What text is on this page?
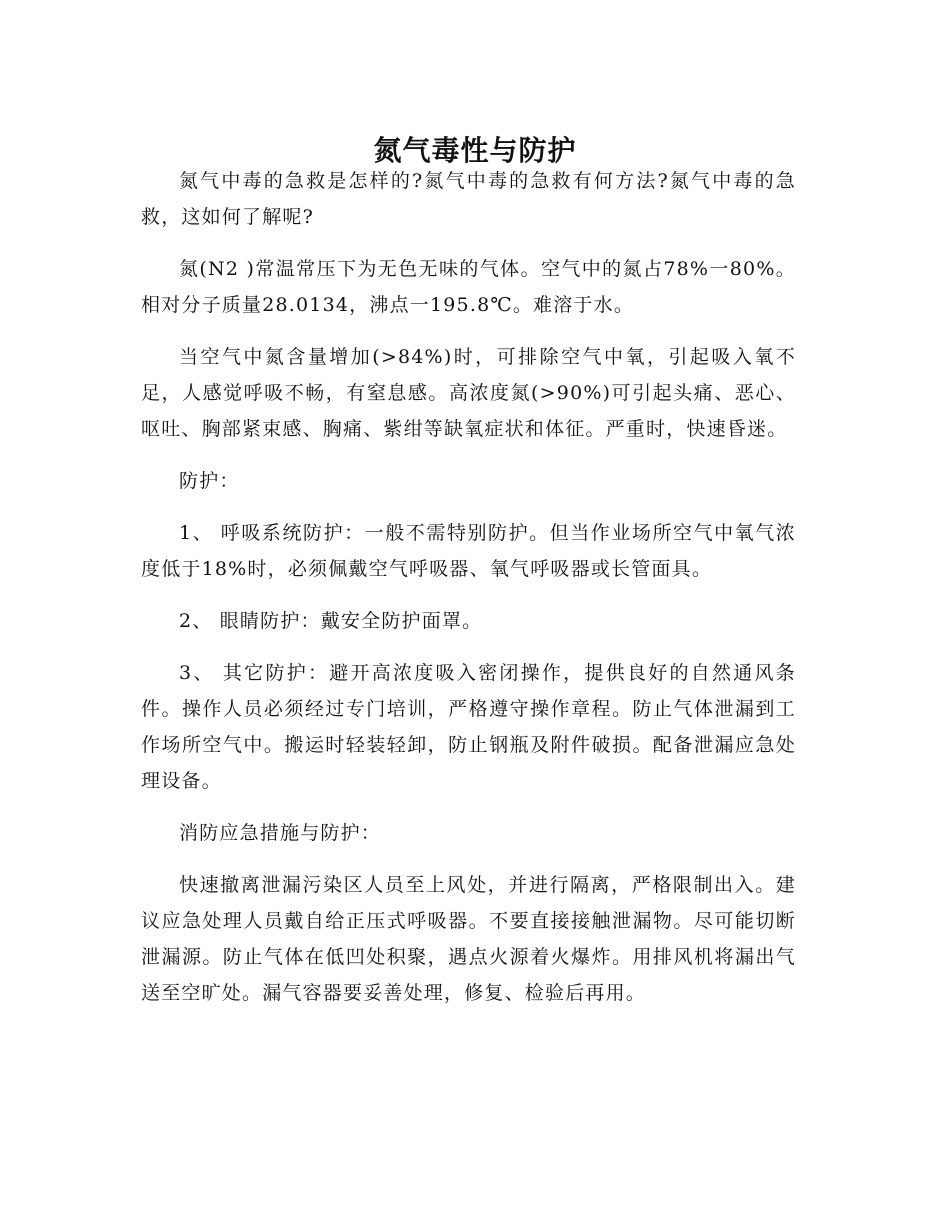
氮气毒性与防护

氮气中毒的急救是怎样的?氮气中毒的急救有何方法?氮气中毒的急救，这如何了解呢?

氮(N2 )常温常压下为无色无味的气体。空气中的氮占78%一80%。相对分子质量28.0134，沸点一195.8℃。难溶于水。

当空气中氮含量增加(>84%)时，可排除空气中氧，引起吸入氧不足，人感觉呼吸不畅，有窒息感。高浓度氮(>90%)可引起头痛、恶心、呕吐、胸部紧束感、胸痛、紫绀等缺氧症状和体征。严重时，快速昏迷。

防护：

1、 呼吸系统防护：一般不需特别防护。但当作业场所空气中氧气浓度低于18%时，必须佩戴空气呼吸器、氧气呼吸器或长管面具。

2、 眼睛防护：戴安全防护面罩。

3、 其它防护：避开高浓度吸入密闭操作，提供良好的自然通风条件。操作人员必须经过专门培训，严格遵守操作章程。防止气体泄漏到工作场所空气中。搬运时轻装轻卸，防止钢瓶及附件破损。配备泄漏应急处理设备。

消防应急措施与防护：

快速撤离泄漏污染区人员至上风处，并进行隔离，严格限制出入。建议应急处理人员戴自给正压式呼吸器。不要直接接触泄漏物。尽可能切断泄漏源。防止气体在低凹处积聚，遇点火源着火爆炸。用排风机将漏出气送至空旷处。漏气容器要妥善处理，修复、检验后再用。
